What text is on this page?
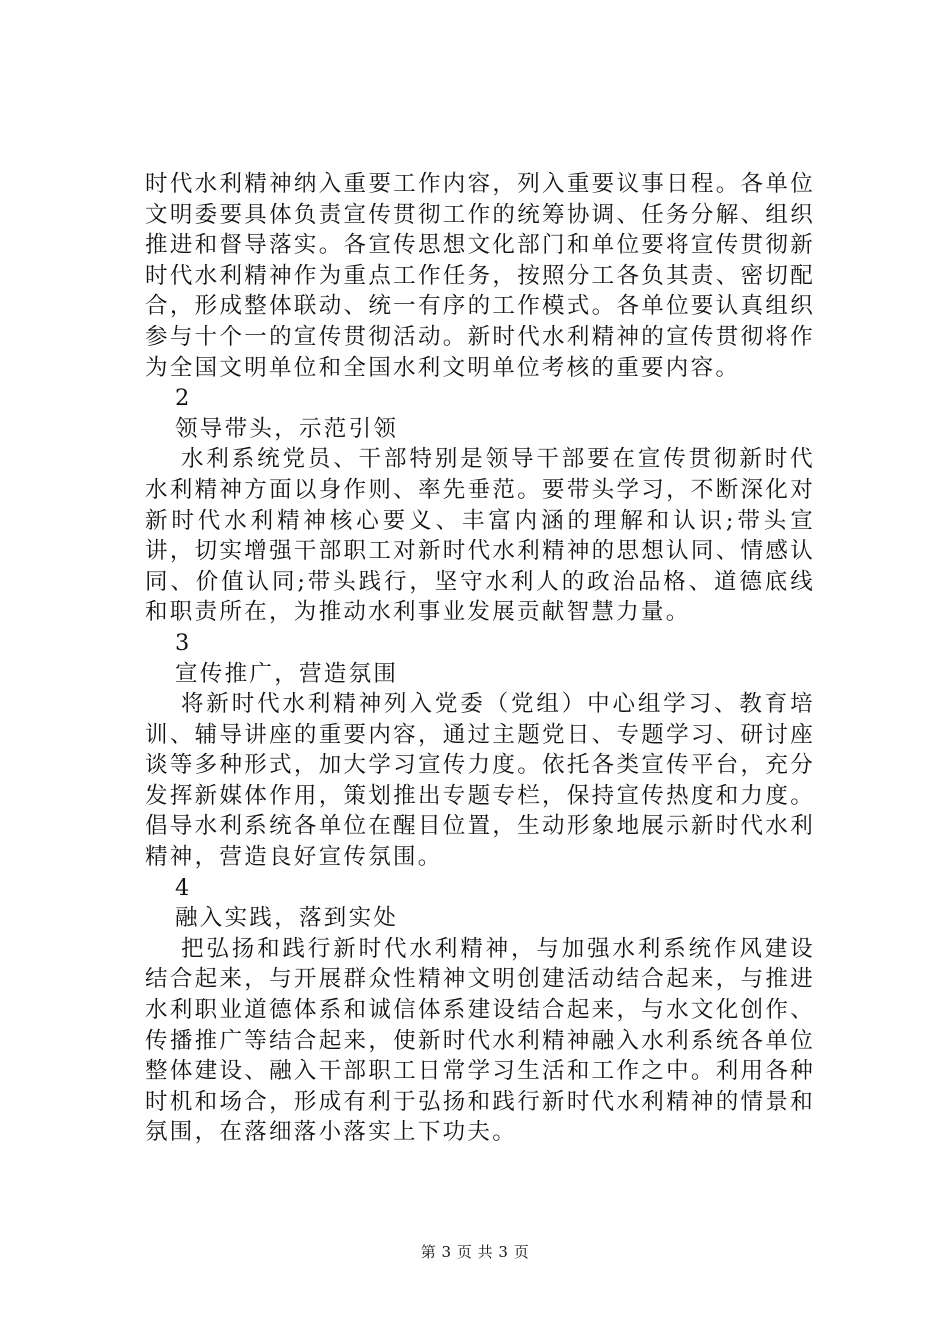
时代水利精神纳入重要工作内容，列入重要议事日程。各单位文明委要具体负责宣传贯彻工作的统筹协调、任务分解、组织推进和督导落实。各宣传思想文化部门和单位要将宣传贯彻新时代水利精神作为重点工作任务，按照分工各负其责、密切配合，形成整体联动、统一有序的工作模式。各单位要认真组织参与十个一的宣传贯彻活动。新时代水利精神的宣传贯彻将作为全国文明单位和全国水利文明单位考核的重要内容。

2

领导带头，示范引领

水利系统党员、干部特别是领导干部要在宣传贯彻新时代水利精神方面以身作则、率先垂范。要带头学习，不断深化对新时代水利精神核心要义、丰富内涵的理解和认识;带头宣讲，切实增强干部职工对新时代水利精神的思想认同、情感认同、价值认同;带头践行，坚守水利人的政治品格、道德底线和职责所在，为推动水利事业发展贡献智慧力量。

3

宣传推广，营造氛围

将新时代水利精神列入党委（党组）中心组学习、教育培训、辅导讲座的重要内容，通过主题党日、专题学习、研讨座谈等多种形式，加大学习宣传力度。依托各类宣传平台，充分发挥新媒体作用，策划推出专题专栏，保持宣传热度和力度。倡导水利系统各单位在醒目位置，生动形象地展示新时代水利精神，营造良好宣传氛围。

4

融入实践，落到实处

把弘扬和践行新时代水利精神，与加强水利系统作风建设结合起来，与开展群众性精神文明创建活动结合起来，与推进水利职业道德体系和诚信体系建设结合起来，与水文化创作、传播推广等结合起来，使新时代水利精神融入水利系统各单位整体建设、融入干部职工日常学习生活和工作之中。利用各种时机和场合，形成有利于弘扬和践行新时代水利精神的情景和氛围，在落细落小落实上下功夫。

第 3 页 共 3 页
